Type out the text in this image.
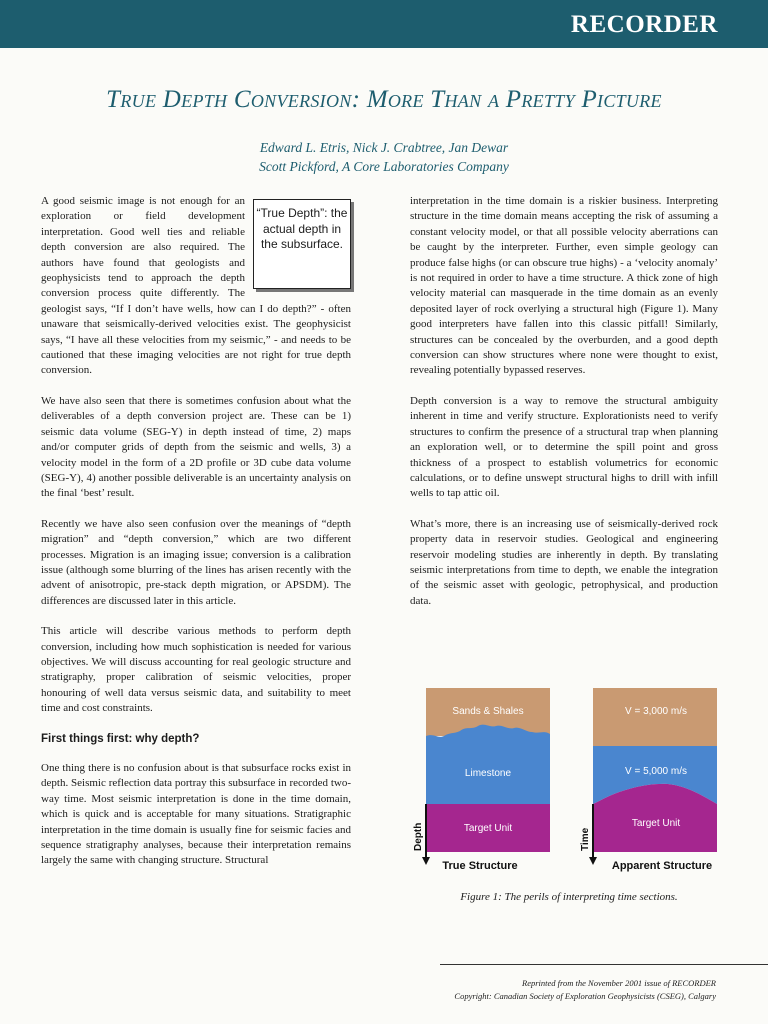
RECORDER
True Depth Conversion: More Than a Pretty Picture
Edward L. Etris, Nick J. Crabtree, Jan Dewar
Scott Pickford, A Core Laboratories Company
“True Depth”: the actual depth in the subsurface.

A good seismic image is not enough for an exploration or field development interpretation. Good well ties and reliable depth conversion are also required. The authors have found that geologists and geophysicists tend to approach the depth conversion process quite differently. The geologist says, “If I don’t have wells, how can I do depth?” - often unaware that seismically-derived velocities exist. The geophysicist says, “I have all these velocities from my seismic,” - and needs to be cautioned that these imaging velocities are not right for true depth conversion.

We have also seen that there is sometimes confusion about what the deliverables of a depth conversion project are. These can be 1) seismic data volume (SEG-Y) in depth instead of time, 2) maps and/or computer grids of depth from the seismic and wells, 3) a velocity model in the form of a 2D profile or 3D cube data volume (SEG-Y), 4) another possible deliverable is an uncertainty analysis on the final ‘best’ result.

Recently we have also seen confusion over the meanings of “depth migration” and “depth conversion,” which are two different processes. Migration is an imaging issue; conversion is a calibration issue (although some blurring of the lines has arisen recently with the advent of anisotropic, pre-stack depth migration, or APSDM). The differences are discussed later in this article.

This article will describe various methods to perform depth conversion, including how much sophistication is needed for various objectives. We will discuss accounting for real geologic structure and stratigraphy, proper calibration of seismic velocities, proper honouring of well data versus seismic data, and suitability to meet time and cost constraints.

First things first: why depth?

One thing there is no confusion about is that subsurface rocks exist in depth. Seismic reflection data portray this subsurface in recorded two-way time. Most seismic interpretation is done in the time domain, which is quick and is acceptable for many situations. Stratigraphic interpretation in the time domain is usually fine for seismic facies and sequence stratigraphy analyses, because their interpretation remains largely the same with changing structure. Structural

interpretation in the time domain is a riskier business. Interpreting structure in the time domain means accepting the risk of assuming a constant velocity model, or that all possible velocity aberrations can be caught by the interpreter. Further, even simple geology can produce false highs (or can obscure true highs) - a ‘velocity anomaly’ is not required in order to have a time structure. A thick zone of high velocity material can masquerade in the time domain as an evenly deposited layer of rock overlying a structural high (Figure 1). Many good interpreters have fallen into this classic pitfall! Similarly, structures can be concealed by the overburden, and a good depth conversion can show structures where none were thought to exist, revealing potentially bypassed reserves.

Depth conversion is a way to remove the structural ambiguity inherent in time and verify structure. Explorationists need to verify structures to confirm the presence of a structural trap when planning an exploration well, or to determine the spill point and gross thickness of a prospect to establish volumetrics for economic calculations, or to define unswept structural highs to drill with infill wells to tap attic oil.

What’s more, there is an increasing use of seismically-derived rock property data in reservoir studies. Geological and engineering reservoir modeling studies are inherently in depth. By translating seismic interpretations from time to depth, we enable the integration of the seismic asset with geologic, petrophysical, and production data.

Sands & Shales
Limestone
Target Unit
Depth
True Structure
V = 3,000 m/s
V = 5,000 m/s
Target Unit
Time
Apparent Structure
Figure 1: The perils of interpreting time sections.
Reprinted from the November 2001 issue of RECORDER
Copyright: Canadian Society of Exploration Geophysicists (CSEG), Calgary
